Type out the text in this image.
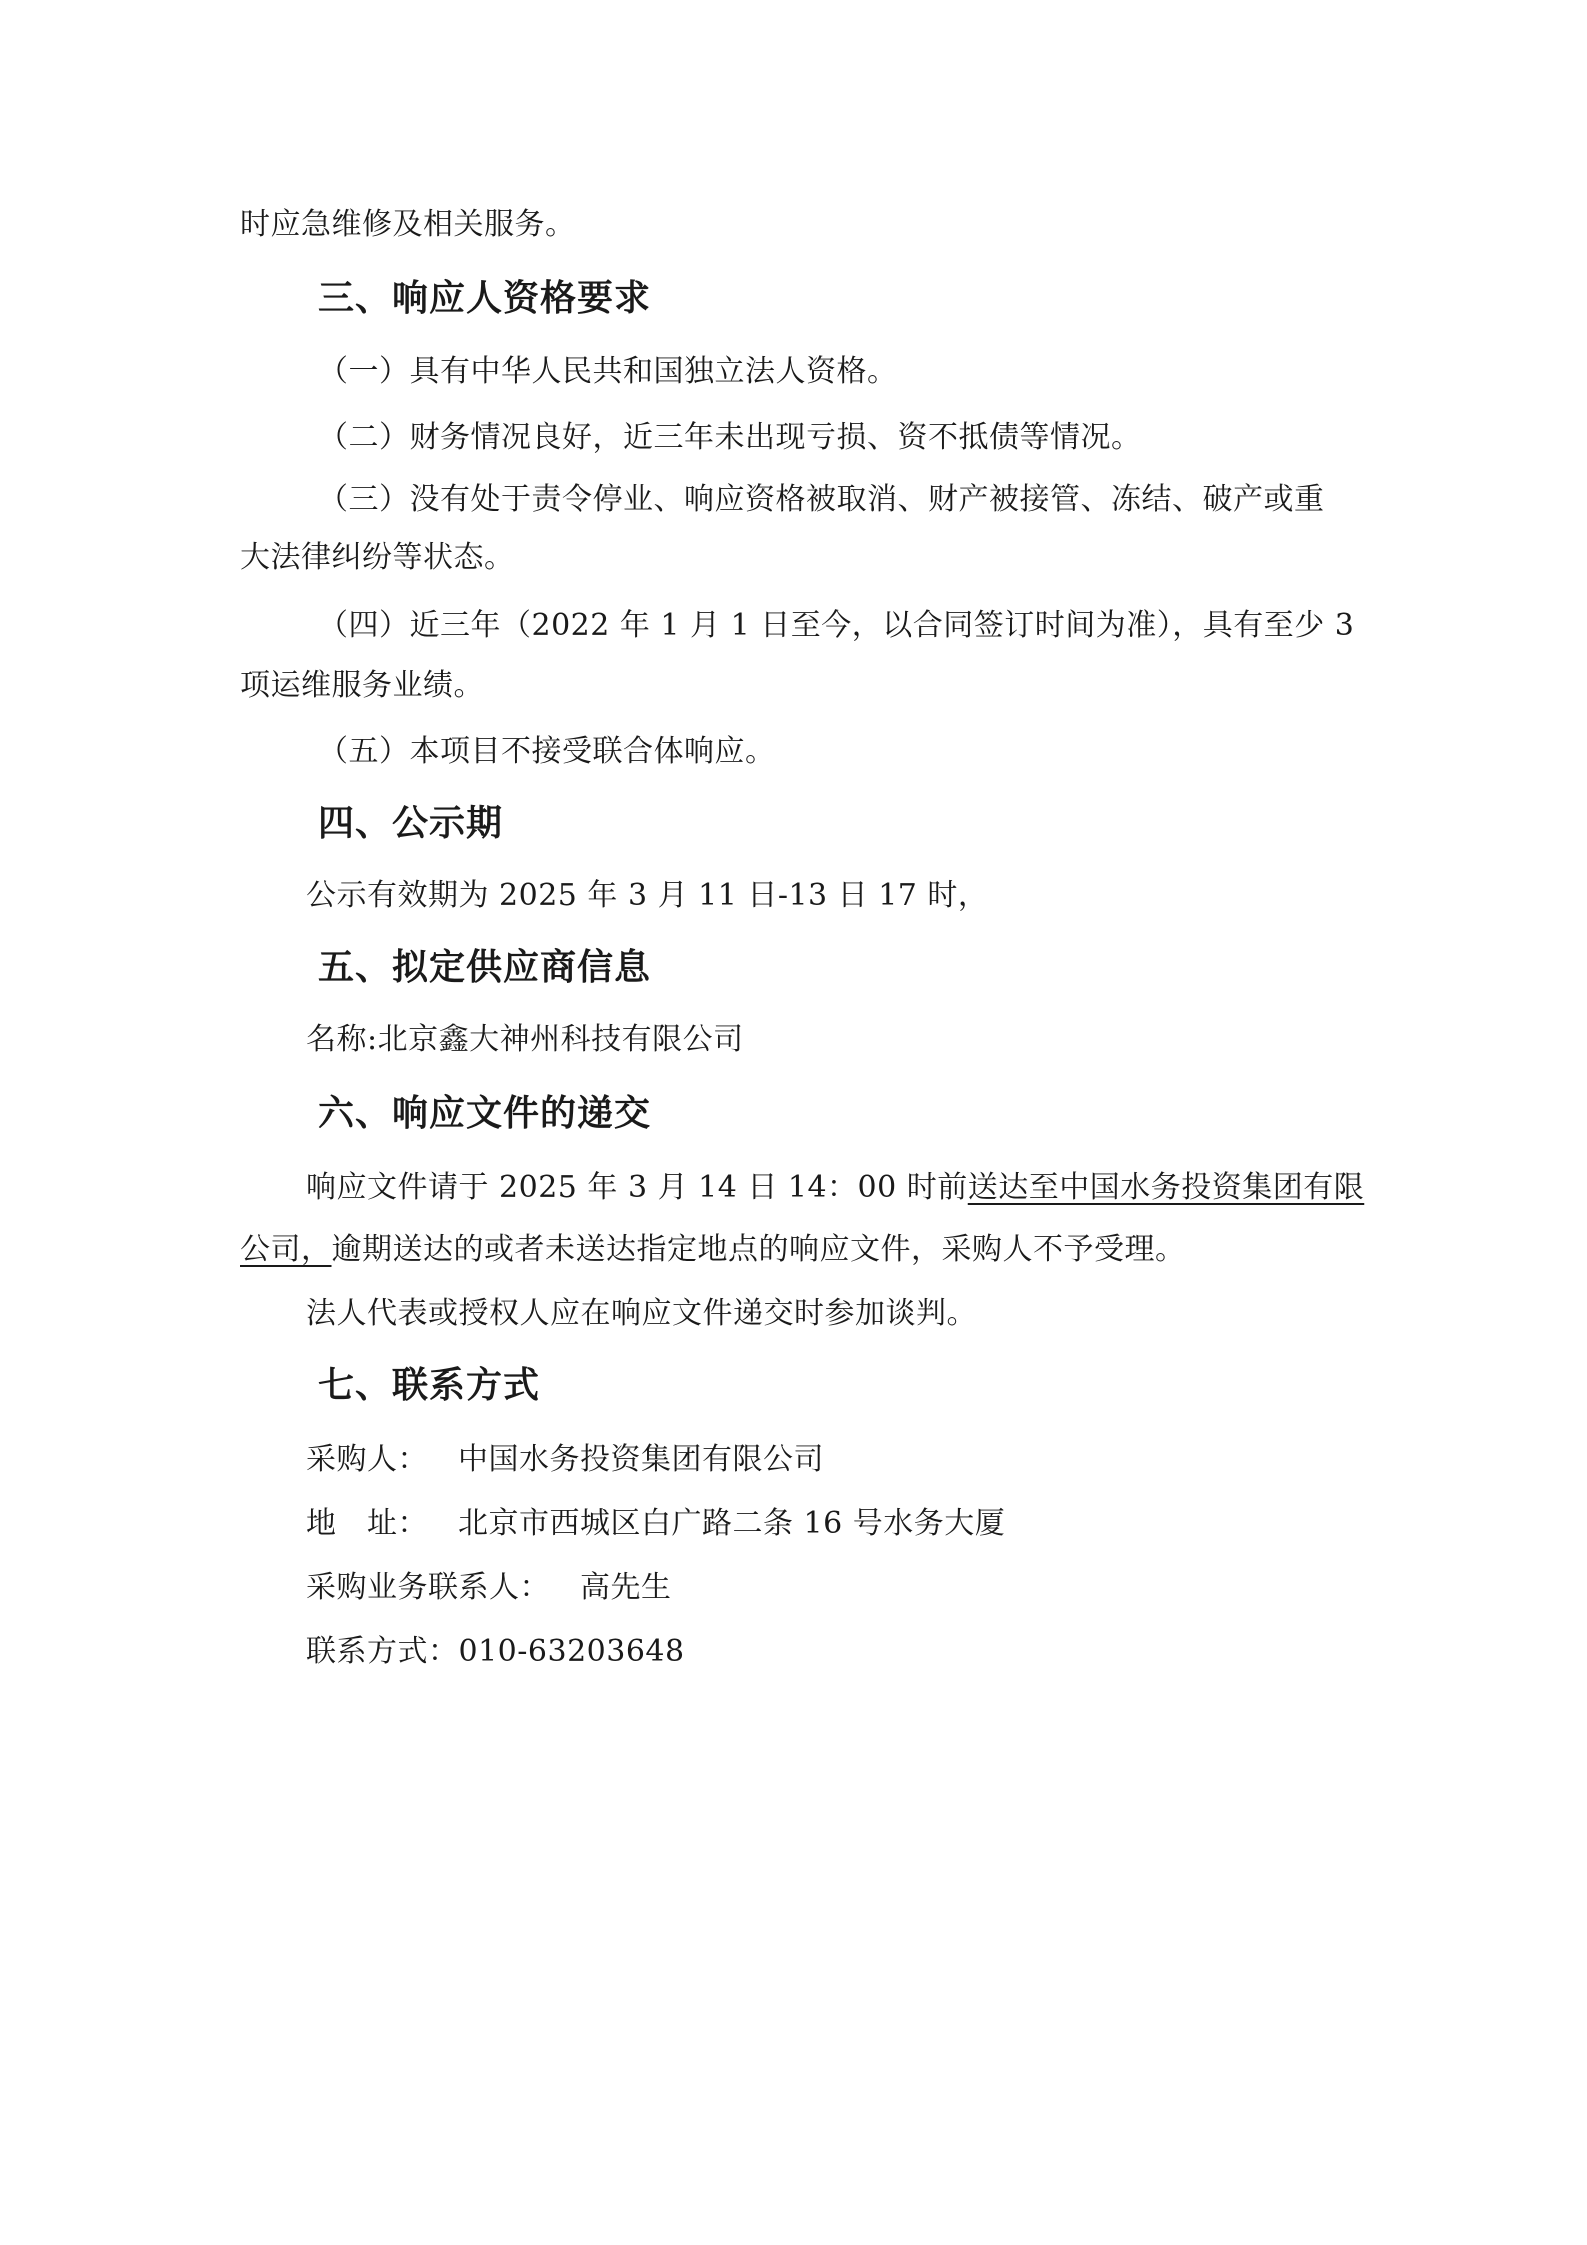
时应急维修及相关服务。
三、响应人资格要求
（一）具有中华人民共和国独立法人资格。
（二）财务情况良好，近三年未出现亏损、资不抵债等情况。
（三）没有处于责令停业、响应资格被取消、财产被接管、冻结、破产或重
大法律纠纷等状态。
（四）近三年（2022 年 1 月 1 日至今，以合同签订时间为准），具有至少 3
项运维服务业绩。
（五）本项目不接受联合体响应。
四、公示期
公示有效期为 2025 年 3 月 11 日-13 日 17 时，
五、拟定供应商信息
名称:北京鑫大神州科技有限公司
六、响应文件的递交
响应文件请于 2025 年 3 月 14 日 14：00 时前送达至中国水务投资集团有限
公司，逾期送达的或者未送达指定地点的响应文件，采购人不予受理。
法人代表或授权人应在响应文件递交时参加谈判。
七、联系方式
采购人： 中国水务投资集团有限公司
地　址： 北京市西城区白广路二条 16 号水务大厦
采购业务联系人： 高先生
联系方式：010-63203648
